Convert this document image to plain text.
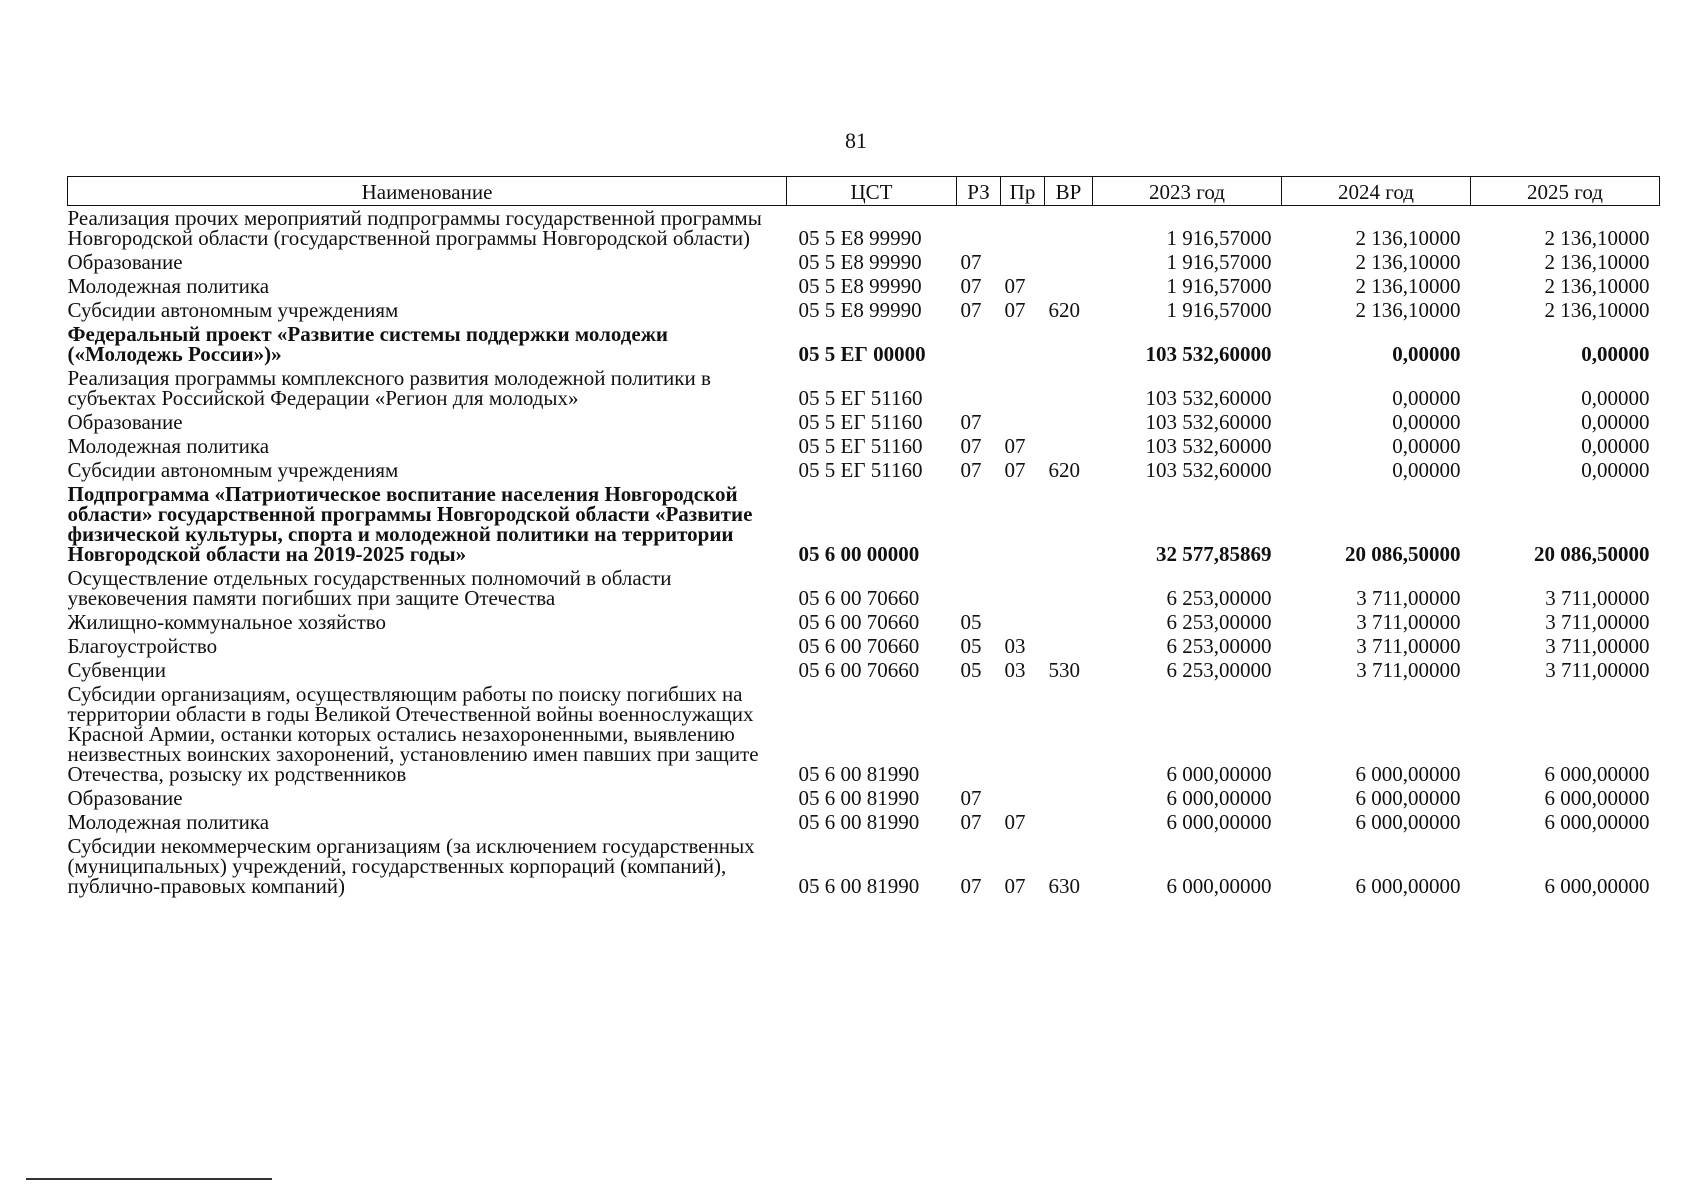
81
Наименование	ЦСТ	РЗ	Пр	ВР	2023 год	2024 год	2025 год
Реализация прочих мероприятий подпрограммы государственной программы Новгородской области (государственной программы Новгородской области)	05 5 Е8 99990				1 916,57000	2 136,10000	2 136,10000
Образование	05 5 Е8 99990	07			1 916,57000	2 136,10000	2 136,10000
Молодежная политика	05 5 Е8 99990	07	07		1 916,57000	2 136,10000	2 136,10000
Субсидии автономным учреждениям	05 5 Е8 99990	07	07	620	1 916,57000	2 136,10000	2 136,10000
Федеральный проект «Развитие системы поддержки молодежи («Молодежь России»)»	05 5 ЕГ 00000				103 532,60000	0,00000	0,00000
Реализация программы комплексного развития молодежной политики в субъектах Российской Федерации «Регион для молодых»	05 5 ЕГ 51160				103 532,60000	0,00000	0,00000
Образование	05 5 ЕГ 51160	07			103 532,60000	0,00000	0,00000
Молодежная политика	05 5 ЕГ 51160	07	07		103 532,60000	0,00000	0,00000
Субсидии автономным учреждениям	05 5 ЕГ 51160	07	07	620	103 532,60000	0,00000	0,00000
Подпрограмма «Патриотическое воспитание населения Новгородской области» государственной программы Новгородской области «Развитие физической культуры, спорта и молодежной политики на территории Новгородской области на 2019-2025 годы»	05 6 00 00000				32 577,85869	20 086,50000	20 086,50000
Осуществление отдельных государственных полномочий в области увековечения памяти погибших при защите Отечества	05 6 00 70660				6 253,00000	3 711,00000	3 711,00000
Жилищно-коммунальное хозяйство	05 6 00 70660	05			6 253,00000	3 711,00000	3 711,00000
Благоустройство	05 6 00 70660	05	03		6 253,00000	3 711,00000	3 711,00000
Субвенции	05 6 00 70660	05	03	530	6 253,00000	3 711,00000	3 711,00000
Субсидии организациям, осуществляющим работы по поиску погибших на территории области в годы Великой Отечественной войны военнослужащих Красной Армии, останки которых остались незахороненными, выявлению неизвестных воинских захоронений, установлению имен павших при защите Отечества, розыску их родственников	05 6 00 81990				6 000,00000	6 000,00000	6 000,00000
Образование	05 6 00 81990	07			6 000,00000	6 000,00000	6 000,00000
Молодежная политика	05 6 00 81990	07	07		6 000,00000	6 000,00000	6 000,00000
Субсидии некоммерческим организациям (за исключением государственных (муниципальных) учреждений, государственных корпораций (компаний), публично-правовых компаний)	05 6 00 81990	07	07	630	6 000,00000	6 000,00000	6 000,00000
